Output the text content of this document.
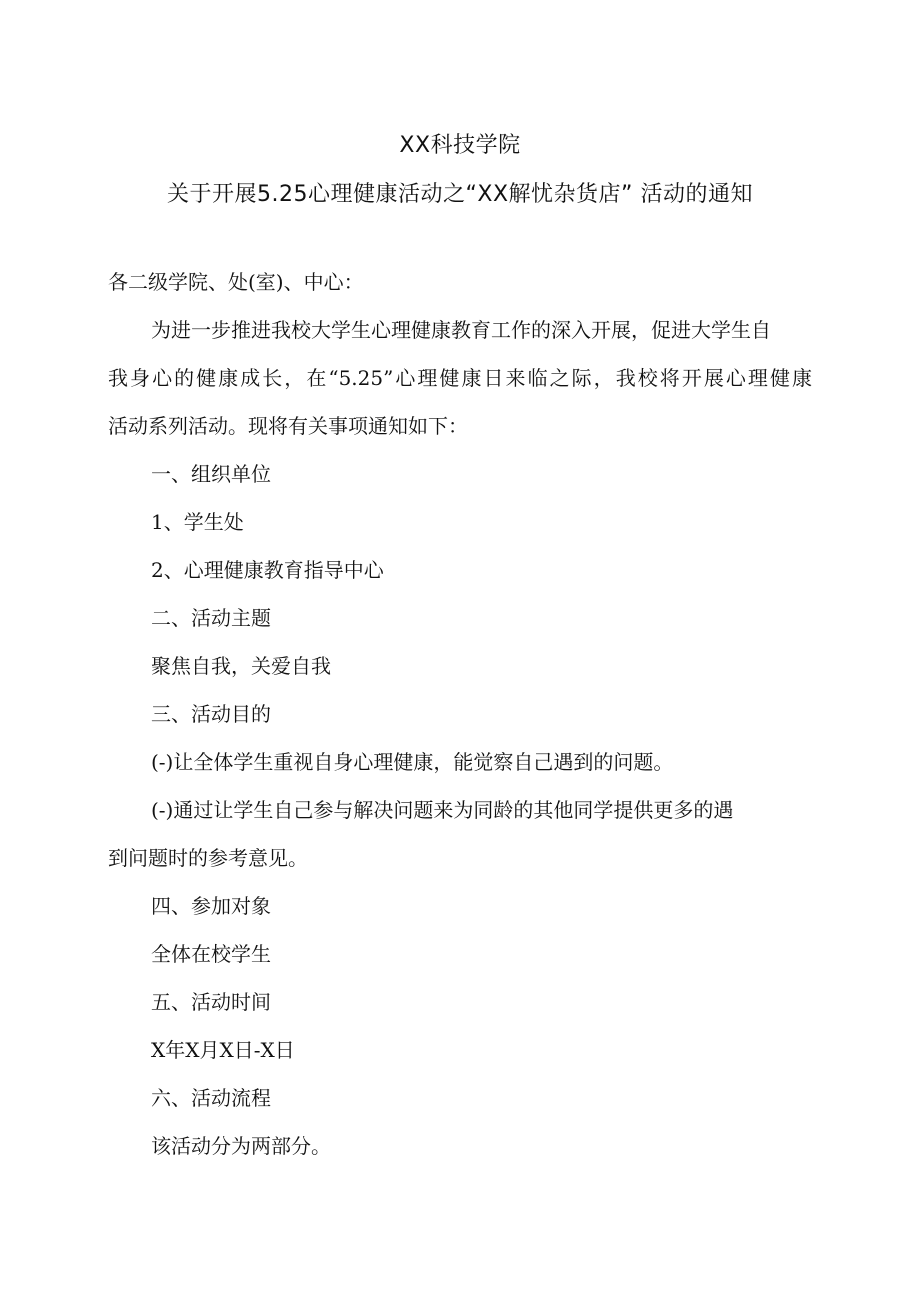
XX科技学院
关于开展5.25心理健康活动之“XX解忧杂货店” 活动的通知
各二级学院、处(室)、中心：
为进一步推进我校大学生心理健康教育工作的深入开展，促进大学生自
我身心的健康成长，在“5.25”心理健康日来临之际，我校将开展心理健康
活动系列活动。现将有关事项通知如下：
一、组织单位
1、学生处
2、心理健康教育指导中心
二、活动主题
聚焦自我，关爱自我
三、活动目的
(-)让全体学生重视自身心理健康，能觉察自己遇到的问题。
(-)通过让学生自己参与解决问题来为同龄的其他同学提供更多的遇
到问题时的参考意见。
四、参加对象
全体在校学生
五、活动时间
X年X月X日-X日
六、活动流程
该活动分为两部分。
